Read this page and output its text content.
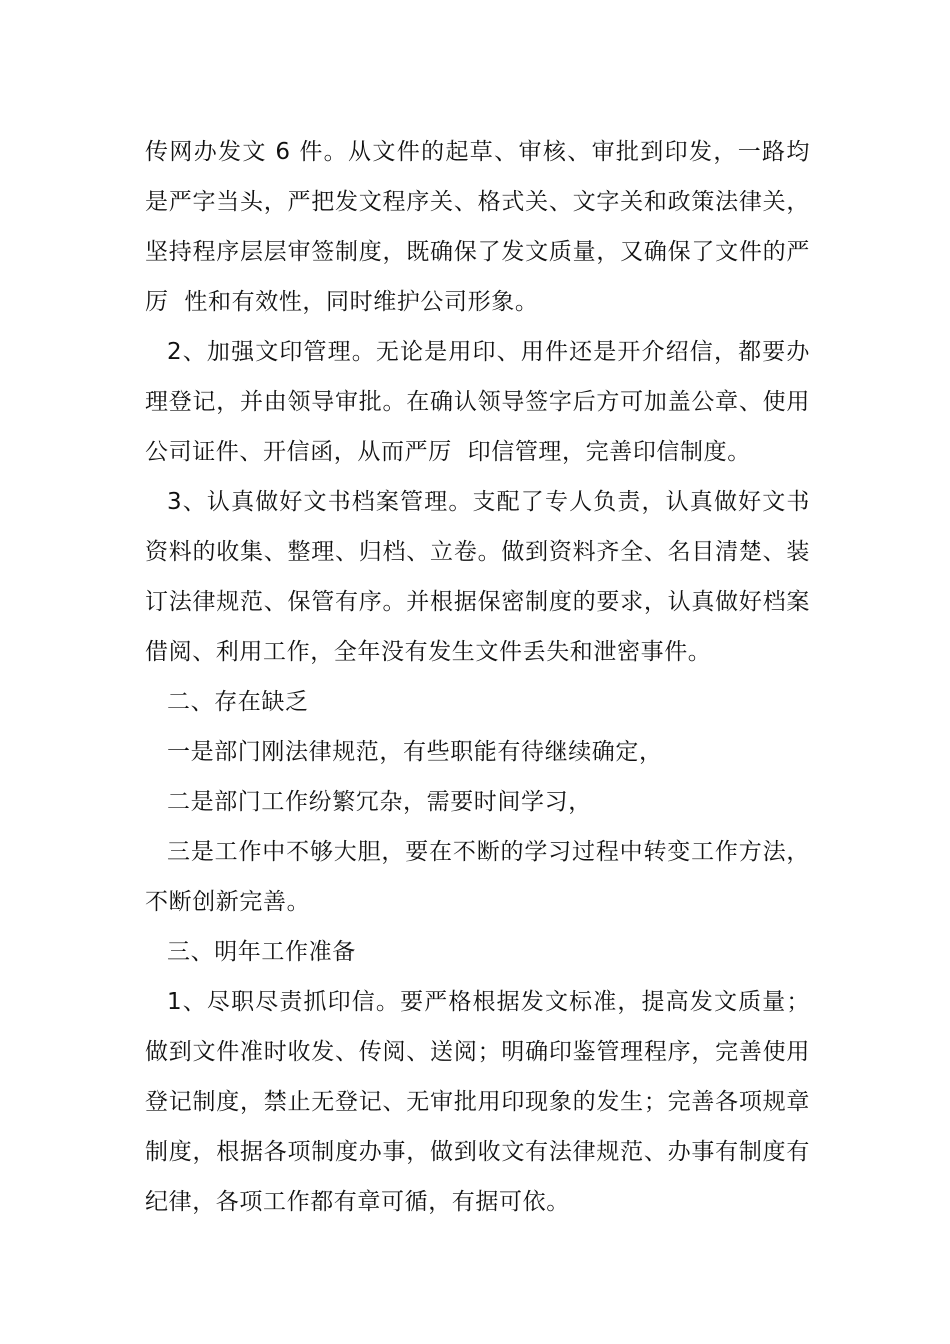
传网办发文 6 件。从文件的起草、审核、审批到印发，一路均是严字当头，严把发文程序关、格式关、文字关和政策法律关，坚持程序层层审签制度，既确保了发文质量，又确保了文件的严厉  性和有效性，同时维护公司形象。

2、加强文印管理。无论是用印、用件还是开介绍信，都要办理登记，并由领导审批。在确认领导签字后方可加盖公章、使用公司证件、开信函，从而严厉  印信管理，完善印信制度。

3、认真做好文书档案管理。支配了专人负责，认真做好文书资料的收集、整理、归档、立卷。做到资料齐全、名目清楚、装订法律规范、保管有序。并根据保密制度的要求，认真做好档案借阅、利用工作，全年没有发生文件丢失和泄密事件。

二、存在缺乏

一是部门刚法律规范，有些职能有待继续确定，

二是部门工作纷繁冗杂，需要时间学习，

三是工作中不够大胆，要在不断的学习过程中转变工作方法，不断创新完善。

三、明年工作准备

1、尽职尽责抓印信。要严格根据发文标准，提高发文质量；做到文件准时收发、传阅、送阅；明确印鉴管理程序，完善使用登记制度，禁止无登记、无审批用印现象的发生；完善各项规章制度，根据各项制度办事，做到收文有法律规范、办事有制度有纪律，各项工作都有章可循，有据可依。
